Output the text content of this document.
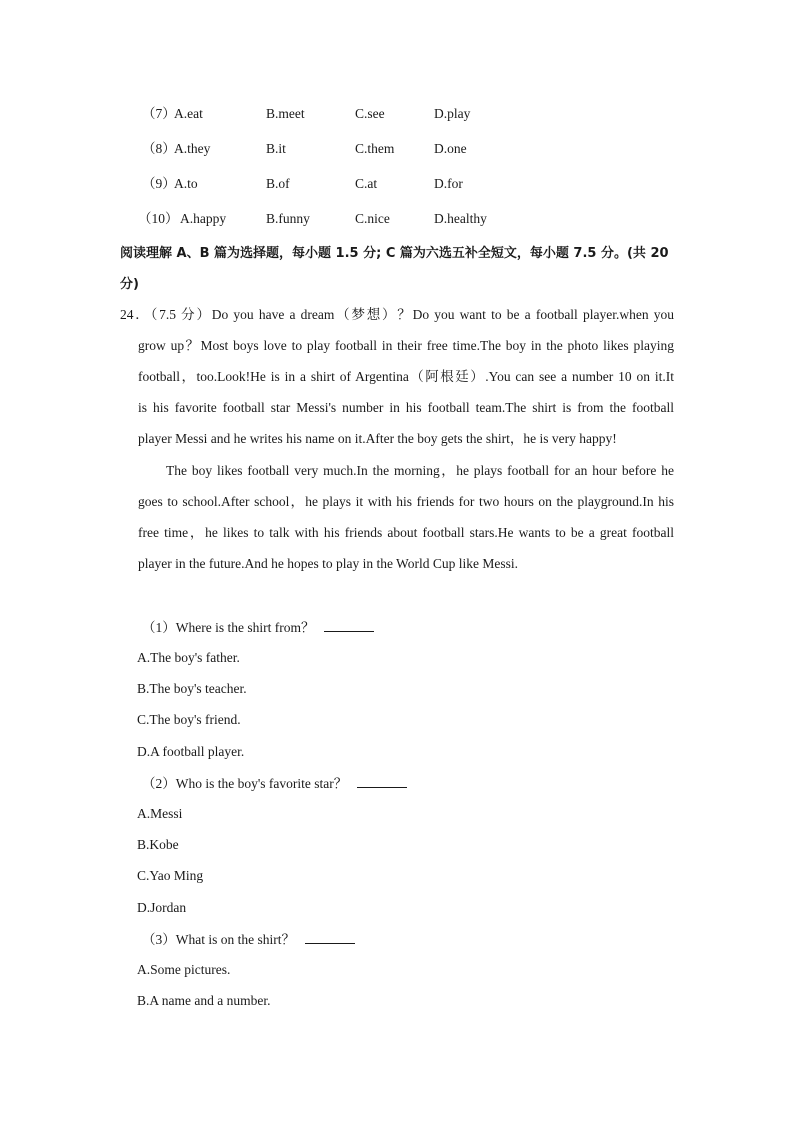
（7）
A.eat	B.meet	C.see	D.play
（8）
A.they	B.it	C.them	D.one
（9）
A.to	B.of	C.at	D.for
（10） A.happy	B.funny	C.nice	D.healthy
阅读理解 A、B 篇为选择题，每小题 1.5 分; C 篇为六选五补全短文，每小题 7.5 分。(共 20
分)
24．（7.5 分）Do you have a dream（梦想）？Do you want to be a football player.when you
grow up？Most boys love to play football in their free time.The boy in the photo likes playing
football，too.Look!He is in a shirt of Argentina（阿根廷）.You can see a number 10 on it.It
is his favorite football star Messi's number in his football team.The shirt is from the football
player Messi and he writes his name on it.After the boy gets the shirt，he is very happy!
The boy likes football very much.In the morning，he plays football for an hour before he
goes to school.After school，he plays it with his friends for two hours on the playground.In his
free time，he likes to talk with his friends about football stars.He wants to be a great football
player in the future.And he hopes to play in the World Cup like Messi.
（1）Where is the shirt from？
A.The boy's father.
B.The boy's teacher.
C.The boy's friend.
D.A football player.
（2）Who is the boy's favorite star？
A.Messi
B.Kobe
C.Yao Ming
D.Jordan
（3）What is on the shirt？
A.Some pictures.
B.A name and a number.
